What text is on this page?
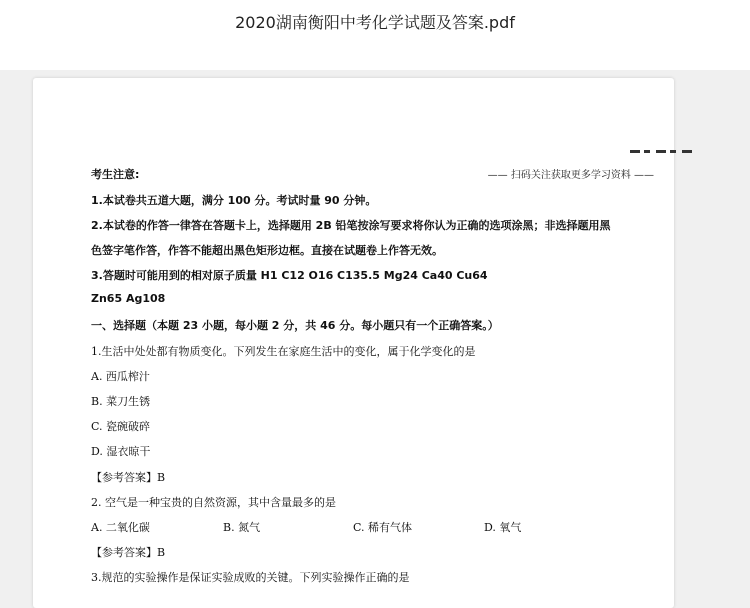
2020湖南衡阳中考化学试题及答案.pdf
—— 扫码关注获取更多学习资料 ——
考生注意:
1.本试卷共五道大题，满分 100 分。考试时量 90 分钟。
2.本试卷的作答一律答在答题卡上，选择题用 2B 铅笔按涂写要求将你认为正确的选项涂黑；非选择题用黑
色签字笔作答，作答不能超出黑色矩形边框。直接在试题卷上作答无效。
3.答题时可能用到的相对原子质量 H1 C12 O16 C135.5 Mg24 Ca40 Cu64
Zn65 Ag108
一、选择题（本题 23 小题，每小题 2 分，共 46 分。每小题只有一个正确答案。）
1.生活中处处都有物质变化。下列发生在家庭生活中的变化，属于化学变化的是
A. 西瓜榨汁
B. 菜刀生锈
C. 瓷碗破碎
D. 湿衣晾干
【参考答案】B
2. 空气是一种宝贵的自然资源，其中含量最多的是
A. 二氧化碳	B. 氮气	C. 稀有气体	D. 氧气
【参考答案】B
3.规范的实验操作是保证实验成败的关键。下列实验操作正确的是
